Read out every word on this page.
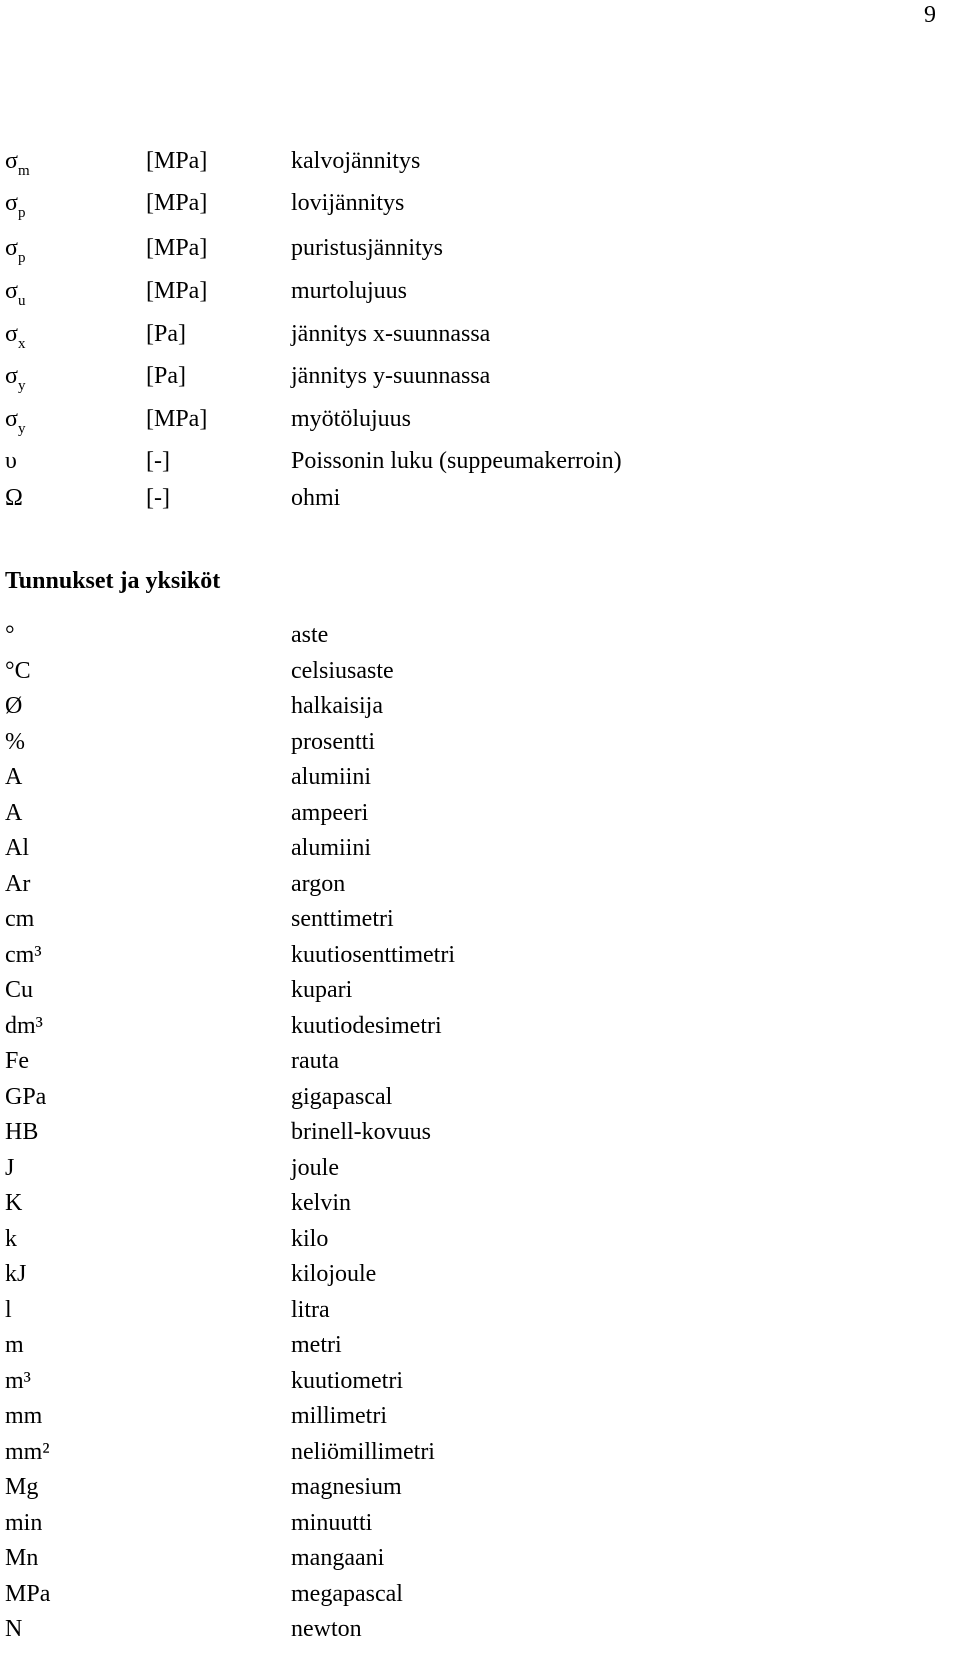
9
$\sigma_m$	[MPa]	kalvojännitys
$\sigma_p$	[MPa]	lovijännitys
$\sigma_p$	[MPa]	puristusjännitys
$\sigma_u$	[MPa]	murtolujuus
$\sigma_x$	[Pa]	jännitys x-suunnassa
$\sigma_y$	[Pa]	jännitys y-suunnassa
$\sigma_y$	[MPa]	myötölujuus
υ	[-]	Poissonin luku (suppeumakerroin)
Ω	[-]	ohmi
Tunnukset ja yksiköt
°	aste
°C	celsiusaste
Ø	halkaisija
%	prosentti
A	alumiini
A	ampeeri
Al	alumiini
Ar	argon
cm	senttimetri
cm³	kuutiosenttimetri
Cu	kupari
dm³	kuutiodesimetri
Fe	rauta
GPa	gigapascal
HB	brinell-kovuus
J	joule
K	kelvin
k	kilo
kJ	kilojoule
l	litra
m	metri
m³	kuutiometri
mm	millimetri
mm²	neliömillimetri
Mg	magnesium
min	minuutti
Mn	mangaani
MPa	megapascal
N	newton
